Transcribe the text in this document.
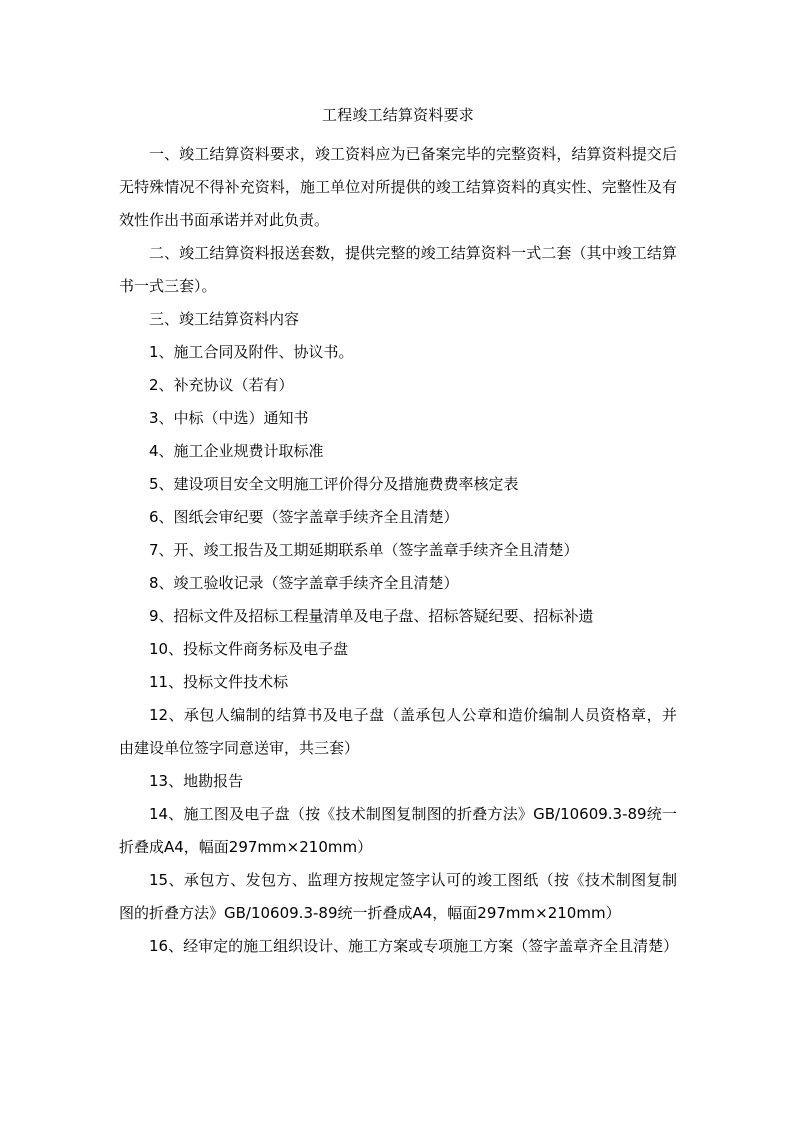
工程竣工结算资料要求

一、竣工结算资料要求，竣工资料应为已备案完毕的完整资料，结算资料提交后无特殊情况不得补充资料，施工单位对所提供的竣工结算资料的真实性、完整性及有效性作出书面承诺并对此负责。

二、竣工结算资料报送套数，提供完整的竣工结算资料一式二套（其中竣工结算书一式三套）。

三、竣工结算资料内容

1、施工合同及附件、协议书。

2、补充协议（若有）

3、中标（中选）通知书

4、施工企业规费计取标准

5、建设项目安全文明施工评价得分及措施费费率核定表

6、图纸会审纪要（签字盖章手续齐全且清楚）

7、开、竣工报告及工期延期联系单（签字盖章手续齐全且清楚）

8、竣工验收记录（签字盖章手续齐全且清楚）

9、招标文件及招标工程量清单及电子盘、招标答疑纪要、招标补遗

10、投标文件商务标及电子盘

11、投标文件技术标

12、承包人编制的结算书及电子盘（盖承包人公章和造价编制人员资格章，并由建设单位签字同意送审，共三套）

13、地勘报告

14、施工图及电子盘（按《技术制图复制图的折叠方法》GB/10609.3-89统一折叠成A4，幅面297mm×210mm）

15、承包方、发包方、监理方按规定签字认可的竣工图纸（按《技术制图复制图的折叠方法》GB/10609.3-89统一折叠成A4，幅面297mm×210mm）

16、经审定的施工组织设计、施工方案或专项施工方案（签字盖章齐全且清楚）
